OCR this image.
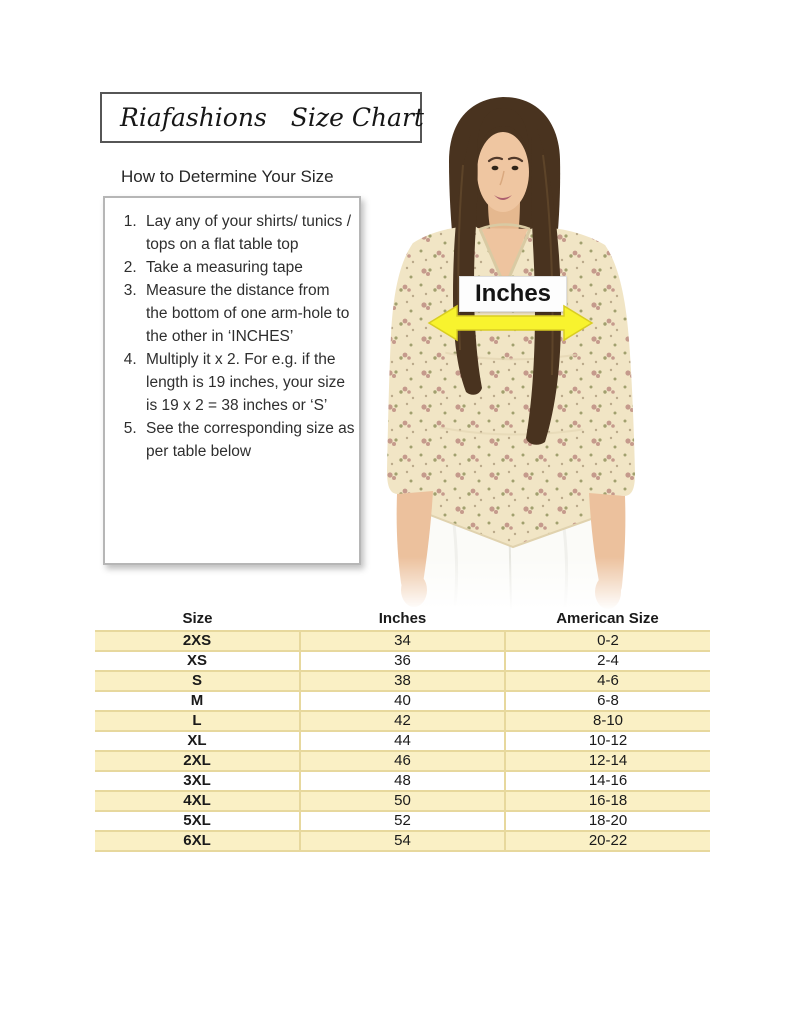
Riafashions Size Chart
How to Determine Your Size
1. Lay any of your shirts/ tunics / tops on a flat table top
2. Take a measuring tape
3. Measure the distance from the bottom of one arm-hole to the other in ‘INCHES’
4. Multiply it x 2. For e.g. if the length is 19 inches, your size is 19 x 2 = 38 inches or ‘S’
5. See the corresponding size as per table below
Inches
Size	Inches	American Size
2XS	34	0-2
XS	36	2-4
S	38	4-6
M	40	6-8
L	42	8-10
XL	44	10-12
2XL	46	12-14
3XL	48	14-16
4XL	50	16-18
5XL	52	18-20
6XL	54	20-22
